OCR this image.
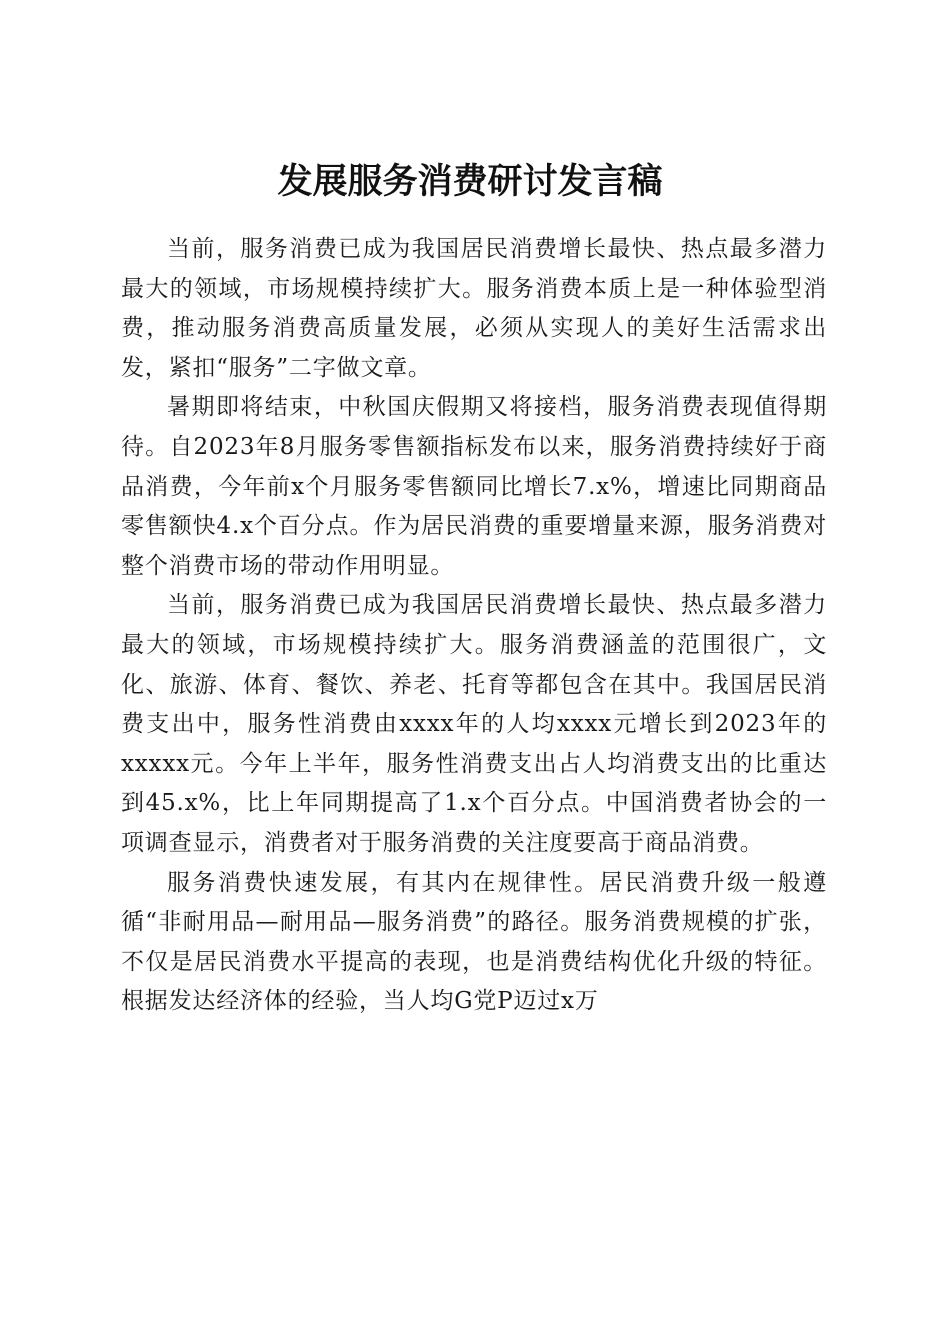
发展服务消费研讨发言稿

当前，服务消费已成为我国居民消费增长最快、热点最多潜力最大的领域，市场规模持续扩大。服务消费本质上是一种体验型消费，推动服务消费高质量发展，必须从实现人的美好生活需求出发，紧扣“服务”二字做文章。

暑期即将结束，中秋国庆假期又将接档，服务消费表现值得期待。自2023年8月服务零售额指标发布以来，服务消费持续好于商品消费，今年前x个月服务零售额同比增长7.x%，增速比同期商品零售额快4.x个百分点。作为居民消费的重要增量来源，服务消费对整个消费市场的带动作用明显。

当前，服务消费已成为我国居民消费增长最快、热点最多潜力最大的领域，市场规模持续扩大。服务消费涵盖的范围很广，文化、旅游、体育、餐饮、养老、托育等都包含在其中。我国居民消费支出中，服务性消费由xxxx年的人均xxxx元增长到2023年的xxxxx元。今年上半年，服务性消费支出占人均消费支出的比重达到45.x%，比上年同期提高了1.x个百分点。中国消费者协会的一项调查显示，消费者对于服务消费的关注度要高于商品消费。

服务消费快速发展，有其内在规律性。居民消费升级一般遵循“非耐用品—耐用品—服务消费”的路径。服务消费规模的扩张，不仅是居民消费水平提高的表现，也是消费结构优化升级的特征。根据发达经济体的经验，当人均G党P迈过x万
